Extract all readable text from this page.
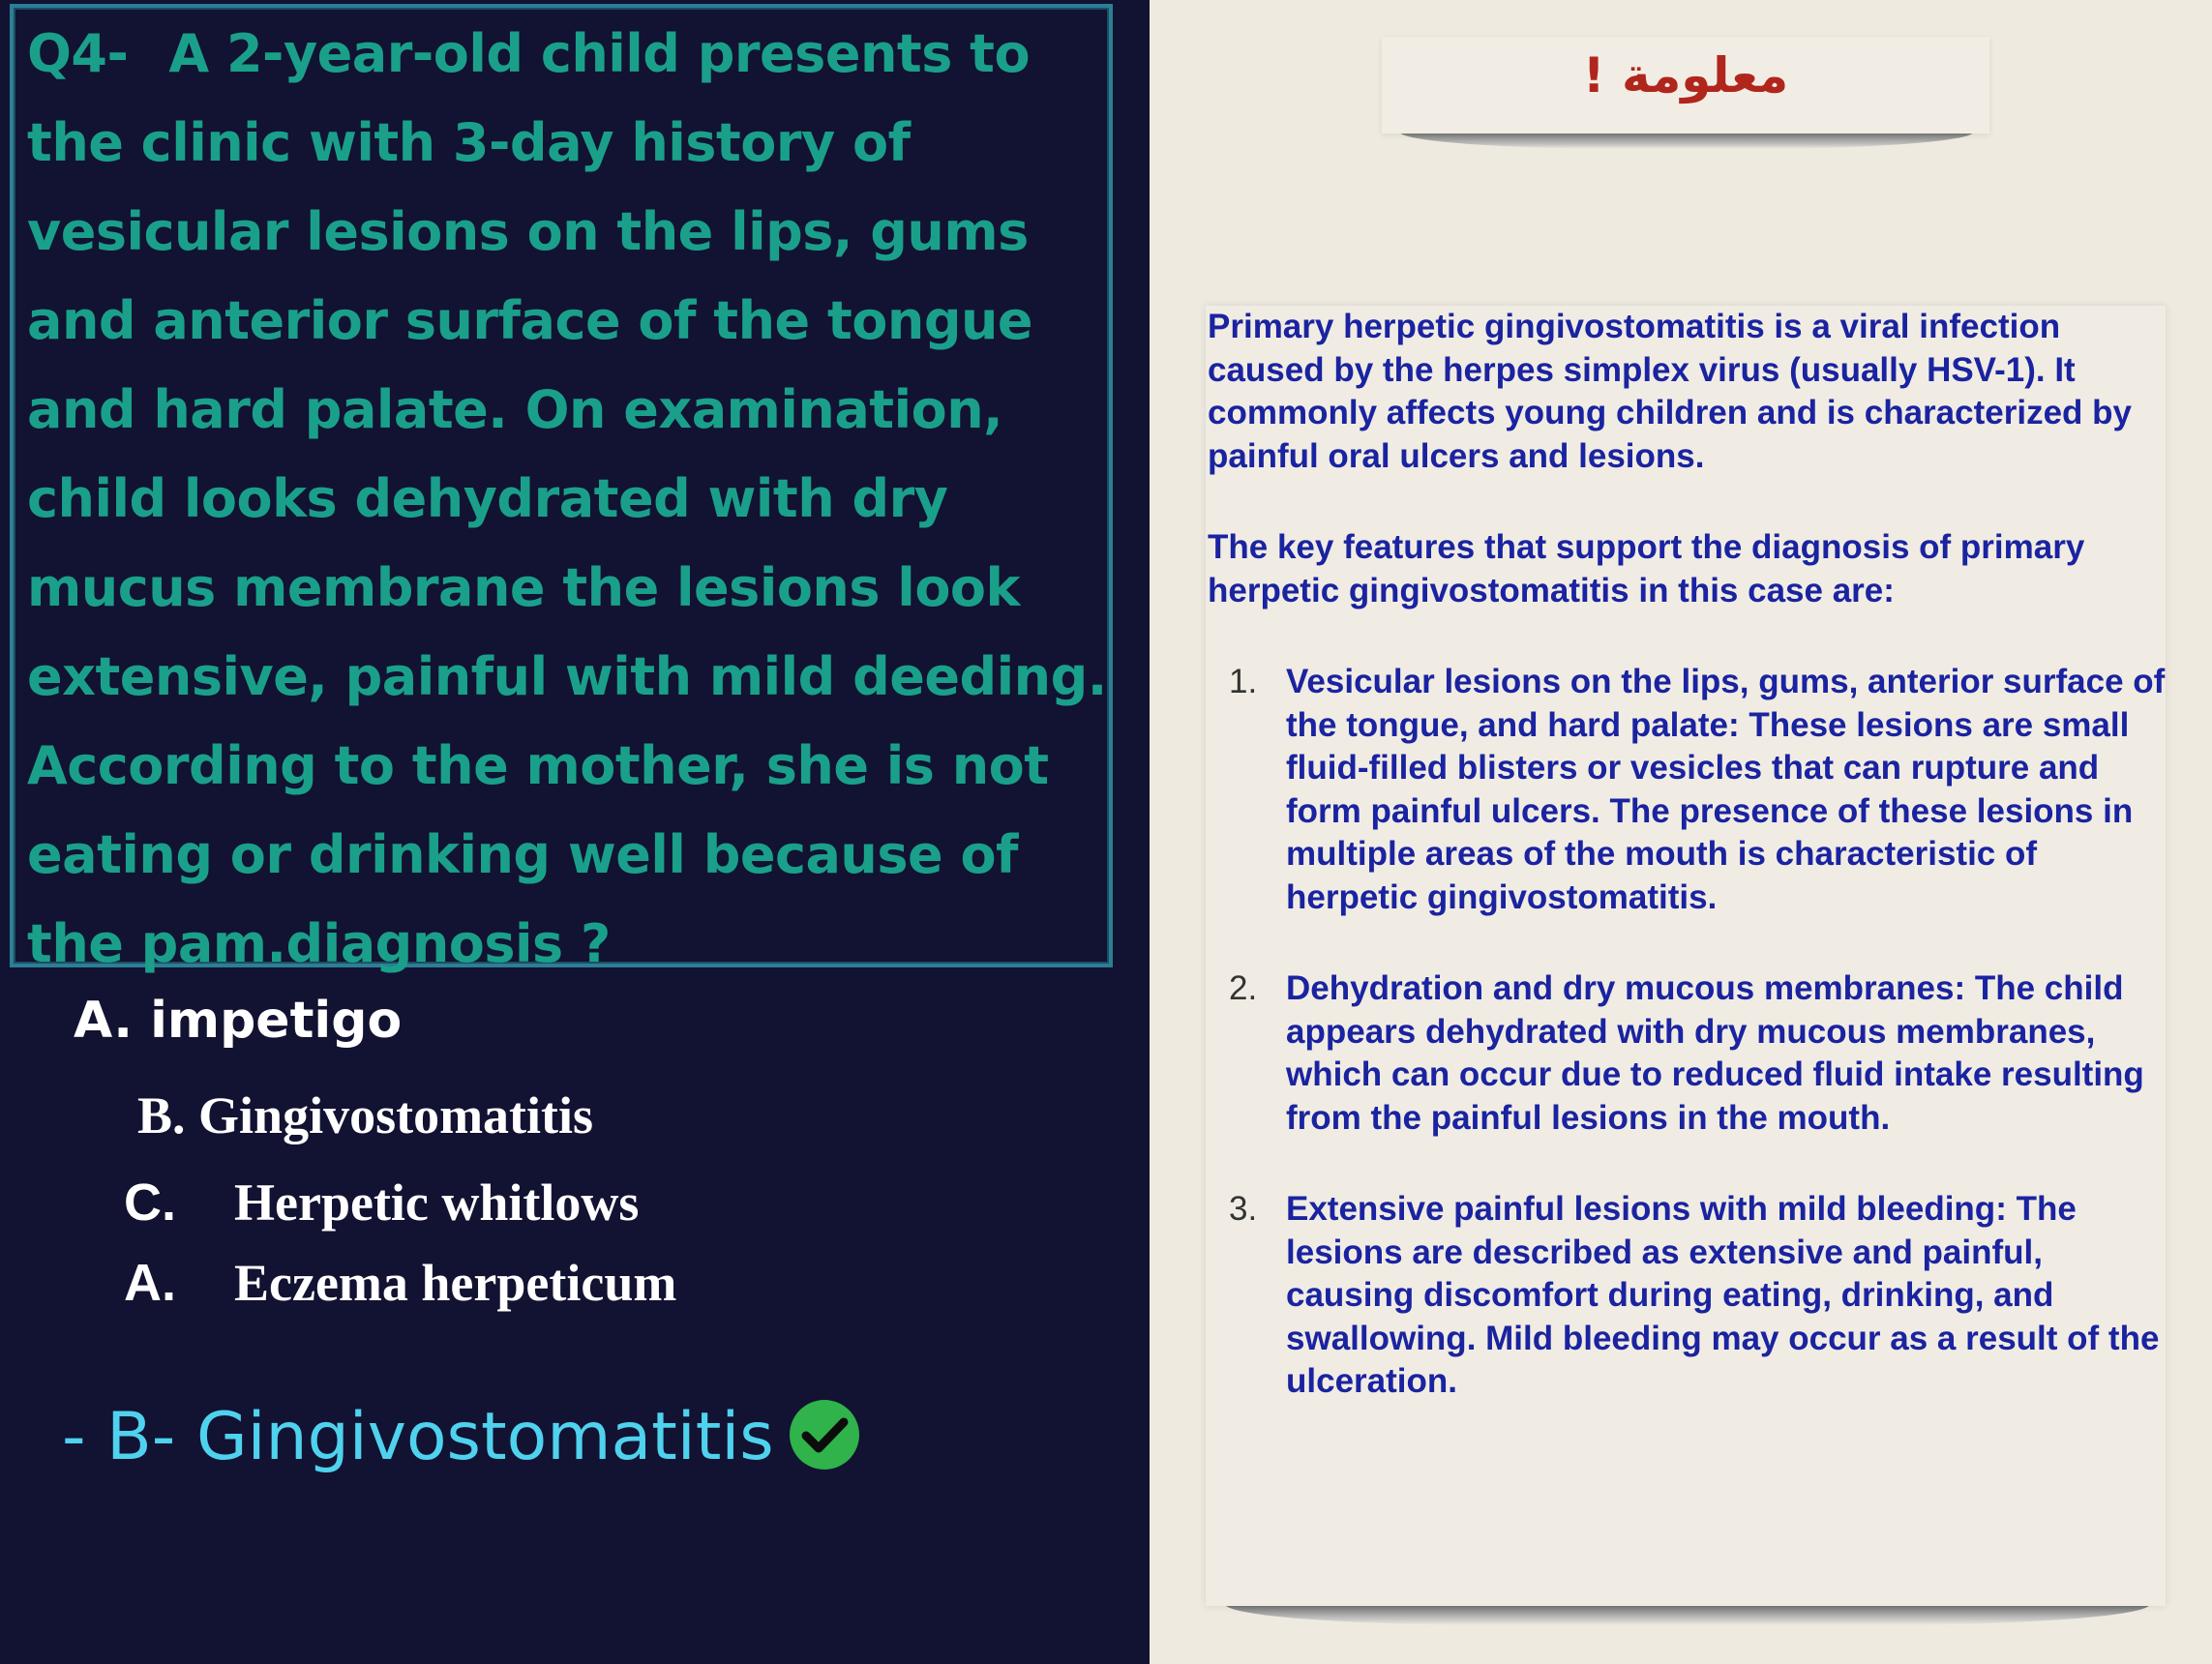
Q4- A 2-year-old child presents to the clinic with 3-day history of vesicular lesions on the lips, gums and anterior surface of the tongue and hard palate. On examination, child looks dehydrated with dry mucus membrane the lesions look extensive, painful with mild deeding. According to the mother, she is not eating or drinking well because of the pam.diagnosis ?
A. impetigo
B. Gingivostomatitis
C. Herpetic whitlows
A. Eczema herpeticum
- B- Gingivostomatitis
معلومة !

Primary herpetic gingivostomatitis is a viral infection caused by the herpes simplex virus (usually HSV-1). It commonly affects young children and is characterized by painful oral ulcers and lesions.

The key features that support the diagnosis of primary herpetic gingivostomatitis in this case are:

1. Vesicular lesions on the lips, gums, anterior surface of the tongue, and hard palate: These lesions are small fluid-filled blisters or vesicles that can rupture and form painful ulcers. The presence of these lesions in multiple areas of the mouth is characteristic of herpetic gingivostomatitis.
2. Dehydration and dry mucous membranes: The child appears dehydrated with dry mucous membranes, which can occur due to reduced fluid intake resulting from the painful lesions in the mouth.
3. Extensive painful lesions with mild bleeding: The lesions are described as extensive and painful, causing discomfort during eating, drinking, and swallowing. Mild bleeding may occur as a result of the ulceration.
